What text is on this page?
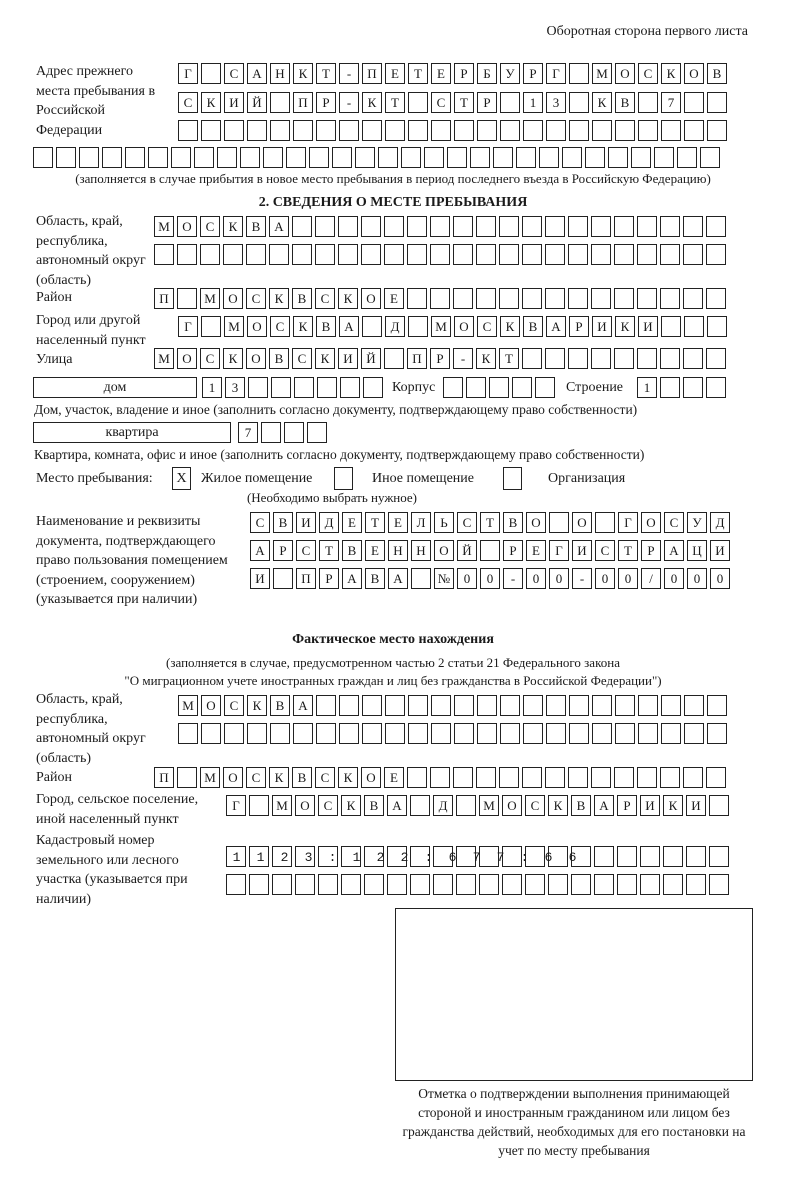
Оборотная сторона первого листа
Адрес прежнего места пребывания в Российской Федерации
Г	С	А	Н	К	Т	-	П	Е	Т	Е	Р	Б	У	Р	Г	М О	С	К	О	В
С	К	И	Й	П	Р	-	К	Т	С	Т	Р	1	3	К	В	7
(заполняется в случае прибытия в новое место пребывания в период последнего въезда в Российскую Федерацию)
2. СВЕДЕНИЯ О МЕСТЕ ПРЕБЫВАНИЯ
Область, край, республика, автономный округ (область)
М О	С	К	В	А
Район	П	М О	С	К	В	С	К	О	Е
Город или другой населенный пункт
Г	М О	С	К	В	А	Д	М О	С	К	В	А	Р	И	К	И
Улица	М О	С	К	О	В	С	К	И	Й	П	Р	-	К	Т
дом	1	3	Корпус	Строение	1
Дом, участок, владение и иное (заполнить согласно документу, подтверждающему право собственности)
квартира	7
Квартира, комната, офис и иное (заполнить согласно документу, подтверждающему право собственности)
Место пребывания:	X	Жилое помещение	Иное помещение	Организация
(Необходимо выбрать нужное)
Наименование и реквизиты документа, подтверждающего право пользования помещением (строением, сооружением) (указывается при наличии)
С	В	И	Д	Е	Т	Е	Л	Ь	С	Т	В	О	О	Г	О	С	У	Д
А	Р	С	Т	В	Е	Н	Н	О	Й	Р	Е	Г	И	С	Т	Р	А	Ц	И
И	П	Р	А	В	А	№	0	0	-	0	0	-	0	0	/	0	0	0
Фактическое место нахождения
(заполняется в случае, предусмотренном частью 2 статьи 21 Федерального закона
"О миграционном учете иностранных граждан и лиц без гражданства в Российской Федерации")
Область, край, республика, автономный округ (область)
М О	С	К	В	А
Район	П	М О	С	К	В	С	К	О	Е
Город, сельское поселение, иной населенный пункт
Г	М О	С	К	В	А	Д	М О	С	К	В	А	Р	И	К	И
Кадастровый номер земельного или лесного участка (указывается при наличии)
1123:122:677:66
Отметка о подтверждении выполнения принимающей стороной и иностранным гражданином или лицом без гражданства действий, необходимых для его постановки на учет по месту пребывания
